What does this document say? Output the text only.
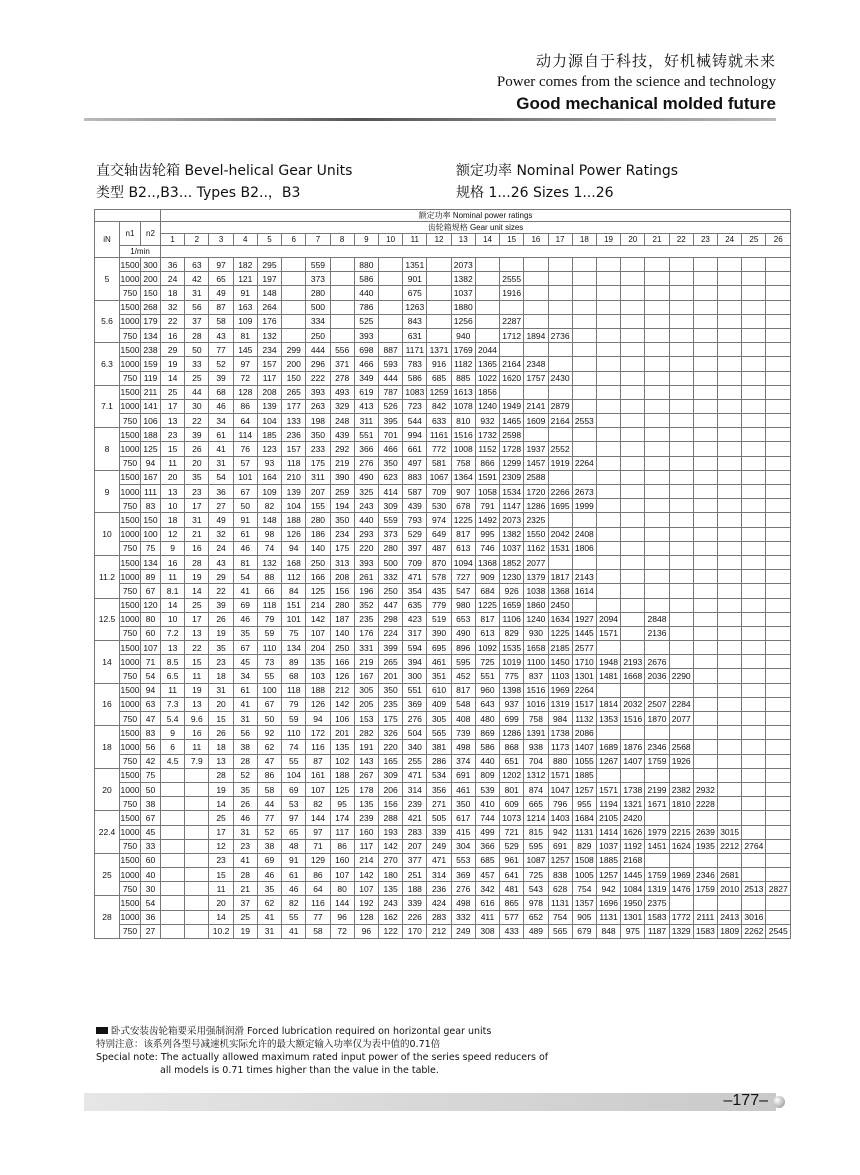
动力源自于科技，好机械铸就未来
Power comes from the science and technology
Good mechanical molded future
直交轴齿轮箱 Bevel-helical Gear Units	额定功率 Nominal Power Ratings
类型 B2..,B3... Types B2..，B3	规格 1...26 Sizes 1...26
			额定功率 Nominal power ratings																									
iN	n1	n2	齿轮箱规格 Gear unit sizes																									
			1	2	3	4	5	6	7	8	9	10	11	12	13	14	15	16	17	18	19	20	21	22	23	24	25	26
	1/min																											
5	1500	300	36	63	97	182	295		559		880		1351		2073													
	1000	200	24	42	65	121	197		373		586		901		1382		2555											
	750	150	18	31	49	91	148		280		440		675		1037		1916											
5.6	1500	268	32	56	87	163	264		500		786		1263		1880													
	1000	179	22	37	58	109	176		334		525		843		1256		2287											
	750	134	16	28	43	81	132		250		393		631		940		1712	1894	2736									
6.3	1500	238	29	50	77	145	234	299	444	556	698	887	1171	1371	1769	2044												
	1000	159	19	33	52	97	157	200	296	371	466	593	783	916	1182	1365	2164	2348										
	750	119	14	25	39	72	117	150	222	278	349	444	586	685	885	1022	1620	1757	2430									
7.1	1500	211	25	44	68	128	208	265	393	493	619	787	1083	1259	1613	1856												
	1000	141	17	30	46	86	139	177	263	329	413	526	723	842	1078	1240	1949	2141	2879									
	750	106	13	22	34	64	104	133	198	248	311	395	544	633	810	932	1465	1609	2164	2553								
8	1500	188	23	39	61	114	185	236	350	439	551	701	994	1161	1516	1732	2598											
	1000	125	15	26	41	76	123	157	233	292	366	466	661	772	1008	1152	1728	1937	2552									
	750	94	11	20	31	57	93	118	175	219	276	350	497	581	758	866	1299	1457	1919	2264								
9	1500	167	20	35	54	101	164	210	311	390	490	623	883	1067	1364	1591	2309	2588										
	1000	111	13	23	36	67	109	139	207	259	325	414	587	709	907	1058	1534	1720	2266	2673								
	750	83	10	17	27	50	82	104	155	194	243	309	439	530	678	791	1147	1286	1695	1999								
10	1500	150	18	31	49	91	148	188	280	350	440	559	793	974	1225	1492	2073	2325										
	1000	100	12	21	32	61	98	126	186	234	293	373	529	649	817	995	1382	1550	2042	2408								
	750	75	9	16	24	46	74	94	140	175	220	280	397	487	613	746	1037	1162	1531	1806								
11.2	1500	134	16	28	43	81	132	168	250	313	393	500	709	870	1094	1368	1852	2077										
	1000	89	11	19	29	54	88	112	166	208	261	332	471	578	727	909	1230	1379	1817	2143								
	750	67	8.1	14	22	41	66	84	125	156	196	250	354	435	547	684	926	1038	1368	1614								
12.5	1500	120	14	25	39	69	118	151	214	280	352	447	635	779	980	1225	1659	1860	2450									
	1000	80	10	17	26	46	79	101	142	187	235	298	423	519	653	817	1106	1240	1634	1927	2094		2848					
	750	60	7.2	13	19	35	59	75	107	140	176	224	317	390	490	613	829	930	1225	1445	1571		2136					
14	1500	107	13	22	35	67	110	134	204	250	331	399	594	695	896	1092	1535	1658	2185	2577								
	1000	71	8.5	15	23	45	73	89	135	166	219	265	394	461	595	725	1019	1100	1450	1710	1948	2193	2676					
	750	54	6.5	11	18	34	55	68	103	126	167	201	300	351	452	551	775	837	1103	1301	1481	1668	2036	2290				
16	1500	94	11	19	31	61	100	118	188	212	305	350	551	610	817	960	1398	1516	1969	2264								
	1000	63	7.3	13	20	41	67	79	126	142	205	235	369	409	548	643	937	1016	1319	1517	1814	2032	2507	2284				
	750	47	5.4	9.6	15	31	50	59	94	106	153	175	276	305	408	480	699	758	984	1132	1353	1516	1870	2077				
18	1500	83	9	16	26	56	92	110	172	201	282	326	504	565	739	869	1286	1391	1738	2086								
	1000	56	6	11	18	38	62	74	116	135	191	220	340	381	498	586	868	938	1173	1407	1689	1876	2346	2568				
	750	42	4.5	7.9	13	28	47	55	87	102	143	165	255	286	374	440	651	704	880	1055	1267	1407	1759	1926				
20	1500	75			28	52	86	104	161	188	267	309	471	534	691	809	1202	1312	1571	1885								
	1000	50			19	35	58	69	107	125	178	206	314	356	461	539	801	874	1047	1257	1571	1738	2199	2382	2932			
	750	38			14	26	44	53	82	95	135	156	239	271	350	410	609	665	796	955	1194	1321	1671	1810	2228			
22.4	1500	67			25	46	77	97	144	174	239	288	421	505	617	744	1073	1214	1403	1684	2105	2420						
	1000	45			17	31	52	65	97	117	160	193	283	339	415	499	721	815	942	1131	1414	1626	1979	2215	2639	3015		
	750	33			12	23	38	48	71	86	117	142	207	249	304	366	529	595	691	829	1037	1192	1451	1624	1935	2212	2764	
25	1500	60			23	41	69	91	129	160	214	270	377	471	553	685	961	1087	1257	1508	1885	2168						
	1000	40			15	28	46	61	86	107	142	180	251	314	369	457	641	725	838	1005	1257	1445	1759	1969	2346	2681		
	750	30			11	21	35	46	64	80	107	135	188	236	276	342	481	543	628	754	942	1084	1319	1476	1759	2010	2513	2827
28	1500	54			20	37	62	82	116	144	192	243	339	424	498	616	865	978	1131	1357	1696	1950	2375					
	1000	36			14	25	41	55	77	96	128	162	226	283	332	411	577	652	754	905	1131	1301	1583	1772	2111	2413	3016	
	750	27			10.2	19	31	41	58	72	96	122	170	212	249	308	433	489	565	679	848	975	1187	1329	1583	1809	2262	2545
卧式安装齿轮箱要采用强制润滑 Forced lubrication required on horizontal gear units
特别注意：该系列各型号减速机实际允许的最大额定输入功率仅为表中值的0.71倍
Special note: The actually allowed maximum rated input power of the series speed reducers of
all models is 0.71 times higher than the value in the table.
–177–
